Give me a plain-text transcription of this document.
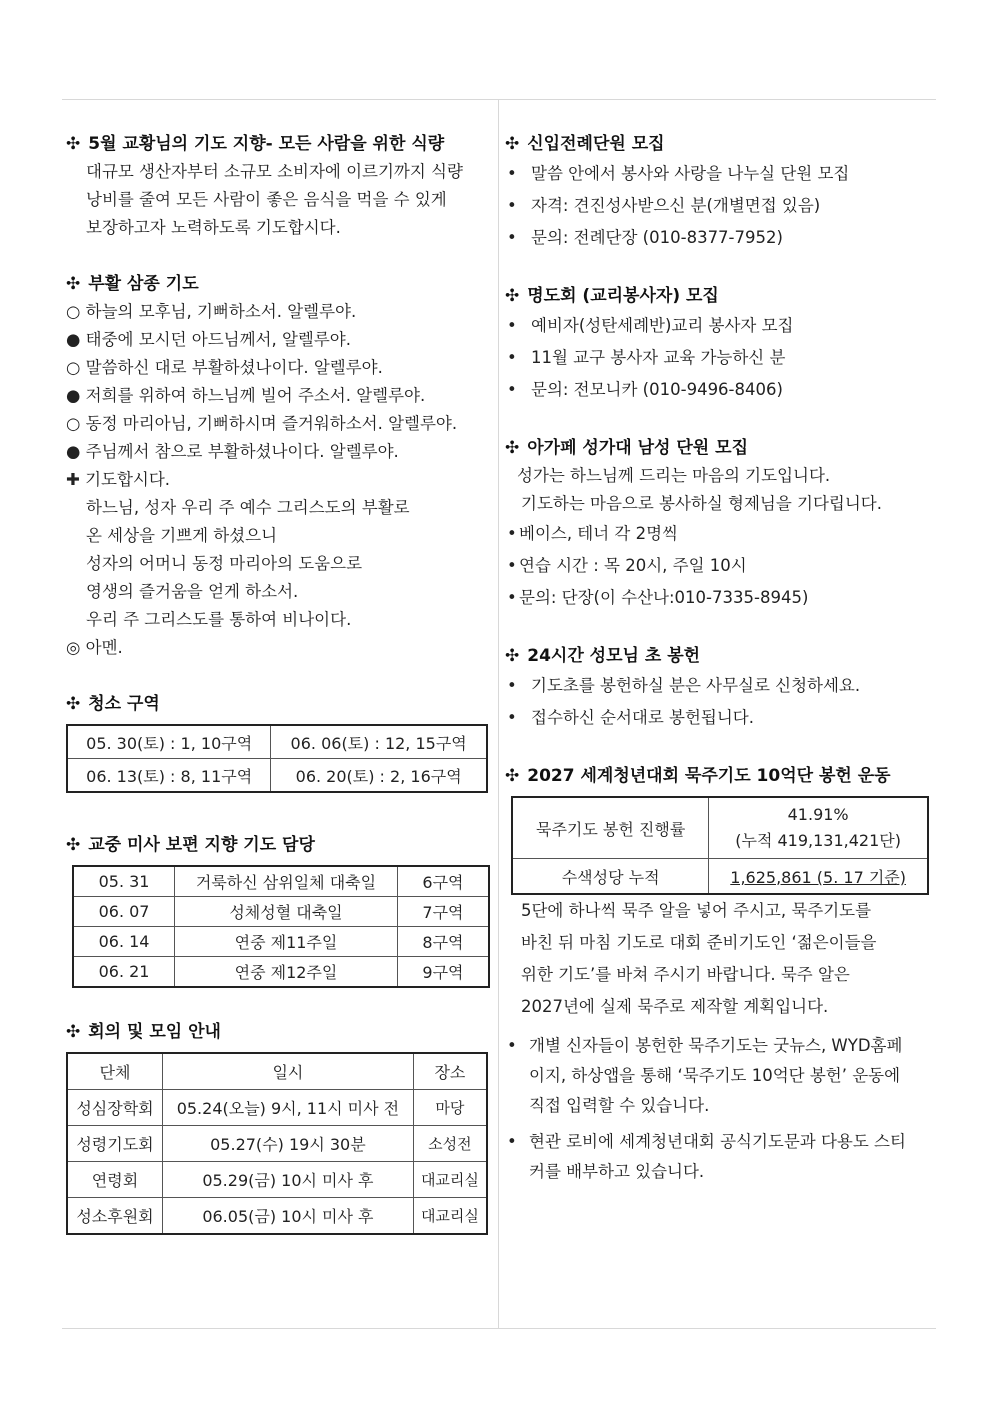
✣ 5월 교황님의 기도 지향- 모든 사람을 위한 식량
대규모 생산자부터 소규모 소비자에 이르기까지 식량
낭비를 줄여 모든 사람이 좋은 음식을 먹을 수 있게
보장하고자 노력하도록 기도합시다.
✣ 부활 삼종 기도
○ 하늘의 모후님, 기뻐하소서. 알렐루야.
● 태중에 모시던 아드님께서, 알렐루야.
○ 말씀하신 대로 부활하셨나이다. 알렐루야.
● 저희를 위하여 하느님께 빌어 주소서. 알렐루야.
○ 동정 마리아님, 기뻐하시며 즐거워하소서. 알렐루야.
● 주님께서 참으로 부활하셨나이다. 알렐루야.
✚ 기도합시다.
하느님, 성자 우리 주 예수 그리스도의 부활로
온 세상을 기쁘게 하셨으니
성자의 어머니 동정 마리아의 도움으로
영생의 즐거움을 얻게 하소서.
우리 주 그리스도를 통하여 비나이다.
◎ 아멘.
✣ 청소 구역
05. 30(토) : 1, 10구역	06. 06(토) : 12, 15구역
06. 13(토) : 8, 11구역	06. 20(토) : 2, 16구역
✣ 교중 미사 보편 지향 기도 담당
05. 31	거룩하신 삼위일체 대축일	6구역
06. 07	성체성혈 대축일	7구역
06. 14	연중 제11주일	8구역
06. 21	연중 제12주일	9구역
✣ 회의 및 모임 안내
단체	일시	장소
성심장학회	05.24(오늘) 9시, 11시 미사 전	마당
성령기도회	05.27(수) 19시 30분	소성전
연령회	05.29(금) 10시 미사 후	대교리실
성소후원회	06.05(금) 10시 미사 후	대교리실
✣ 신입전례단원 모집
• 말씀 안에서 봉사와 사랑을 나누실 단원 모집
• 자격: 견진성사받으신 분(개별면접 있음)
• 문의: 전례단장 (010-8377-7952)
✣ 명도회 (교리봉사자) 모집
• 예비자(성탄세례반)교리 봉사자 모집
• 11월 교구 봉사자 교육 가능하신 분
• 문의: 전모니카 (010-9496-8406)
✣ 아가페 성가대 남성 단원 모집
성가는 하느님께 드리는 마음의 기도입니다.
기도하는 마음으로 봉사하실 형제님을 기다립니다.
• 베이스, 테너 각 2명씩
• 연습 시간 : 목 20시, 주일 10시
• 문의: 단장(이 수산나:010-7335-8945)
✣ 24시간 성모님 초 봉헌
• 기도초를 봉헌하실 분은 사무실로 신청하세요.
• 접수하신 순서대로 봉헌됩니다.
✣ 2027 세계청년대회 묵주기도 10억단 봉헌 운동
묵주기도 봉헌 진행률	41.91%
(누적 419,131,421단)

수색성당 누적	1,625,861 (5. 17 기준)
5단에 하나씩 묵주 알을 넣어 주시고, 묵주기도를
바친 뒤 마침 기도로 대회 준비기도인 ‘젊은이들을
위한 기도’를 바쳐 주시기 바랍니다. 묵주 알은
2027년에 실제 묵주로 제작할 계획입니다.
• 개별 신자들이 봉헌한 묵주기도는 굿뉴스, WYD홈페이지, 하상앱을 통해 ‘묵주기도 10억단 봉헌’ 운동에 직접 입력할 수 있습니다.
• 현관 로비에 세계청년대회 공식기도문과 다용도 스티커를 배부하고 있습니다.
